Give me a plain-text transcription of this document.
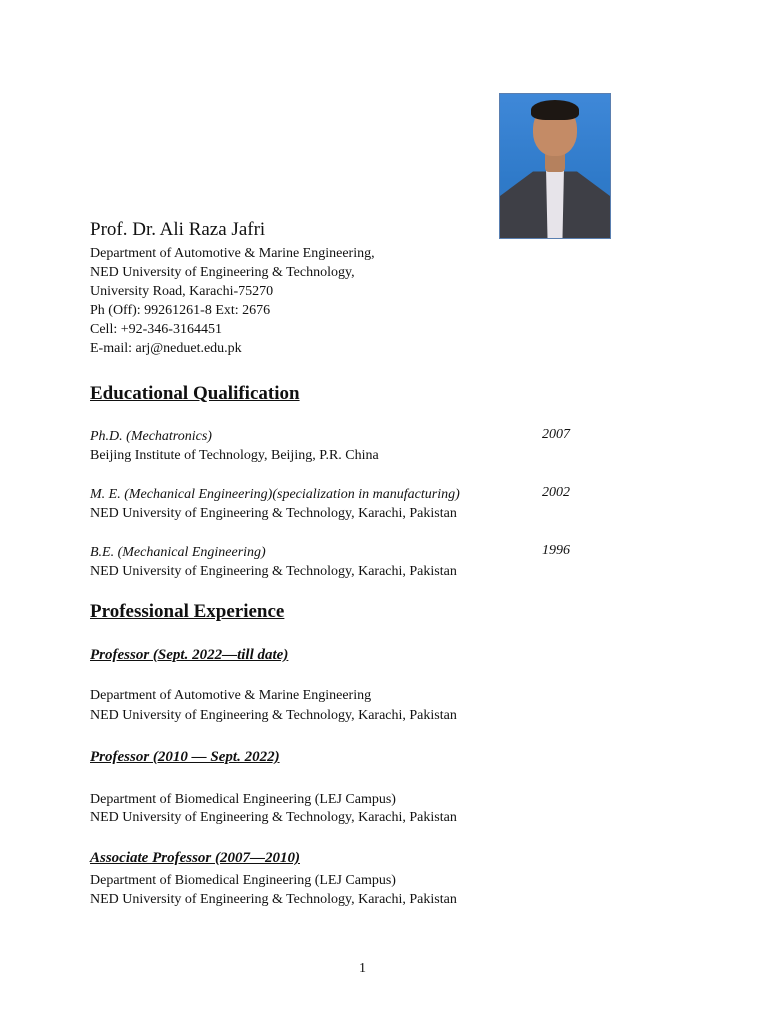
Prof. Dr. Ali Raza Jafri
Department of Automotive & Marine Engineering,
NED University of Engineering & Technology,
University Road, Karachi-75270
Ph (Off): 99261261-8 Ext: 2676
Cell: +92-346-3164451
E-mail: arj@neduet.edu.pk
Educational Qualification
Ph.D. (Mechatronics)	2007
Beijing Institute of Technology, Beijing, P.R. China
M. E. (Mechanical Engineering)(specialization in manufacturing)	2002
NED University of Engineering & Technology, Karachi, Pakistan
B.E. (Mechanical Engineering)	1996
NED University of Engineering & Technology, Karachi, Pakistan
Professional Experience
Professor (Sept. 2022—till date)
Department of Automotive & Marine Engineering
NED University of Engineering & Technology, Karachi, Pakistan
Professor (2010 — Sept. 2022)
Department of Biomedical Engineering (LEJ Campus)
NED University of Engineering & Technology, Karachi, Pakistan
Associate Professor (2007—2010)
Department of Biomedical Engineering (LEJ Campus)
NED University of Engineering & Technology, Karachi, Pakistan
1
